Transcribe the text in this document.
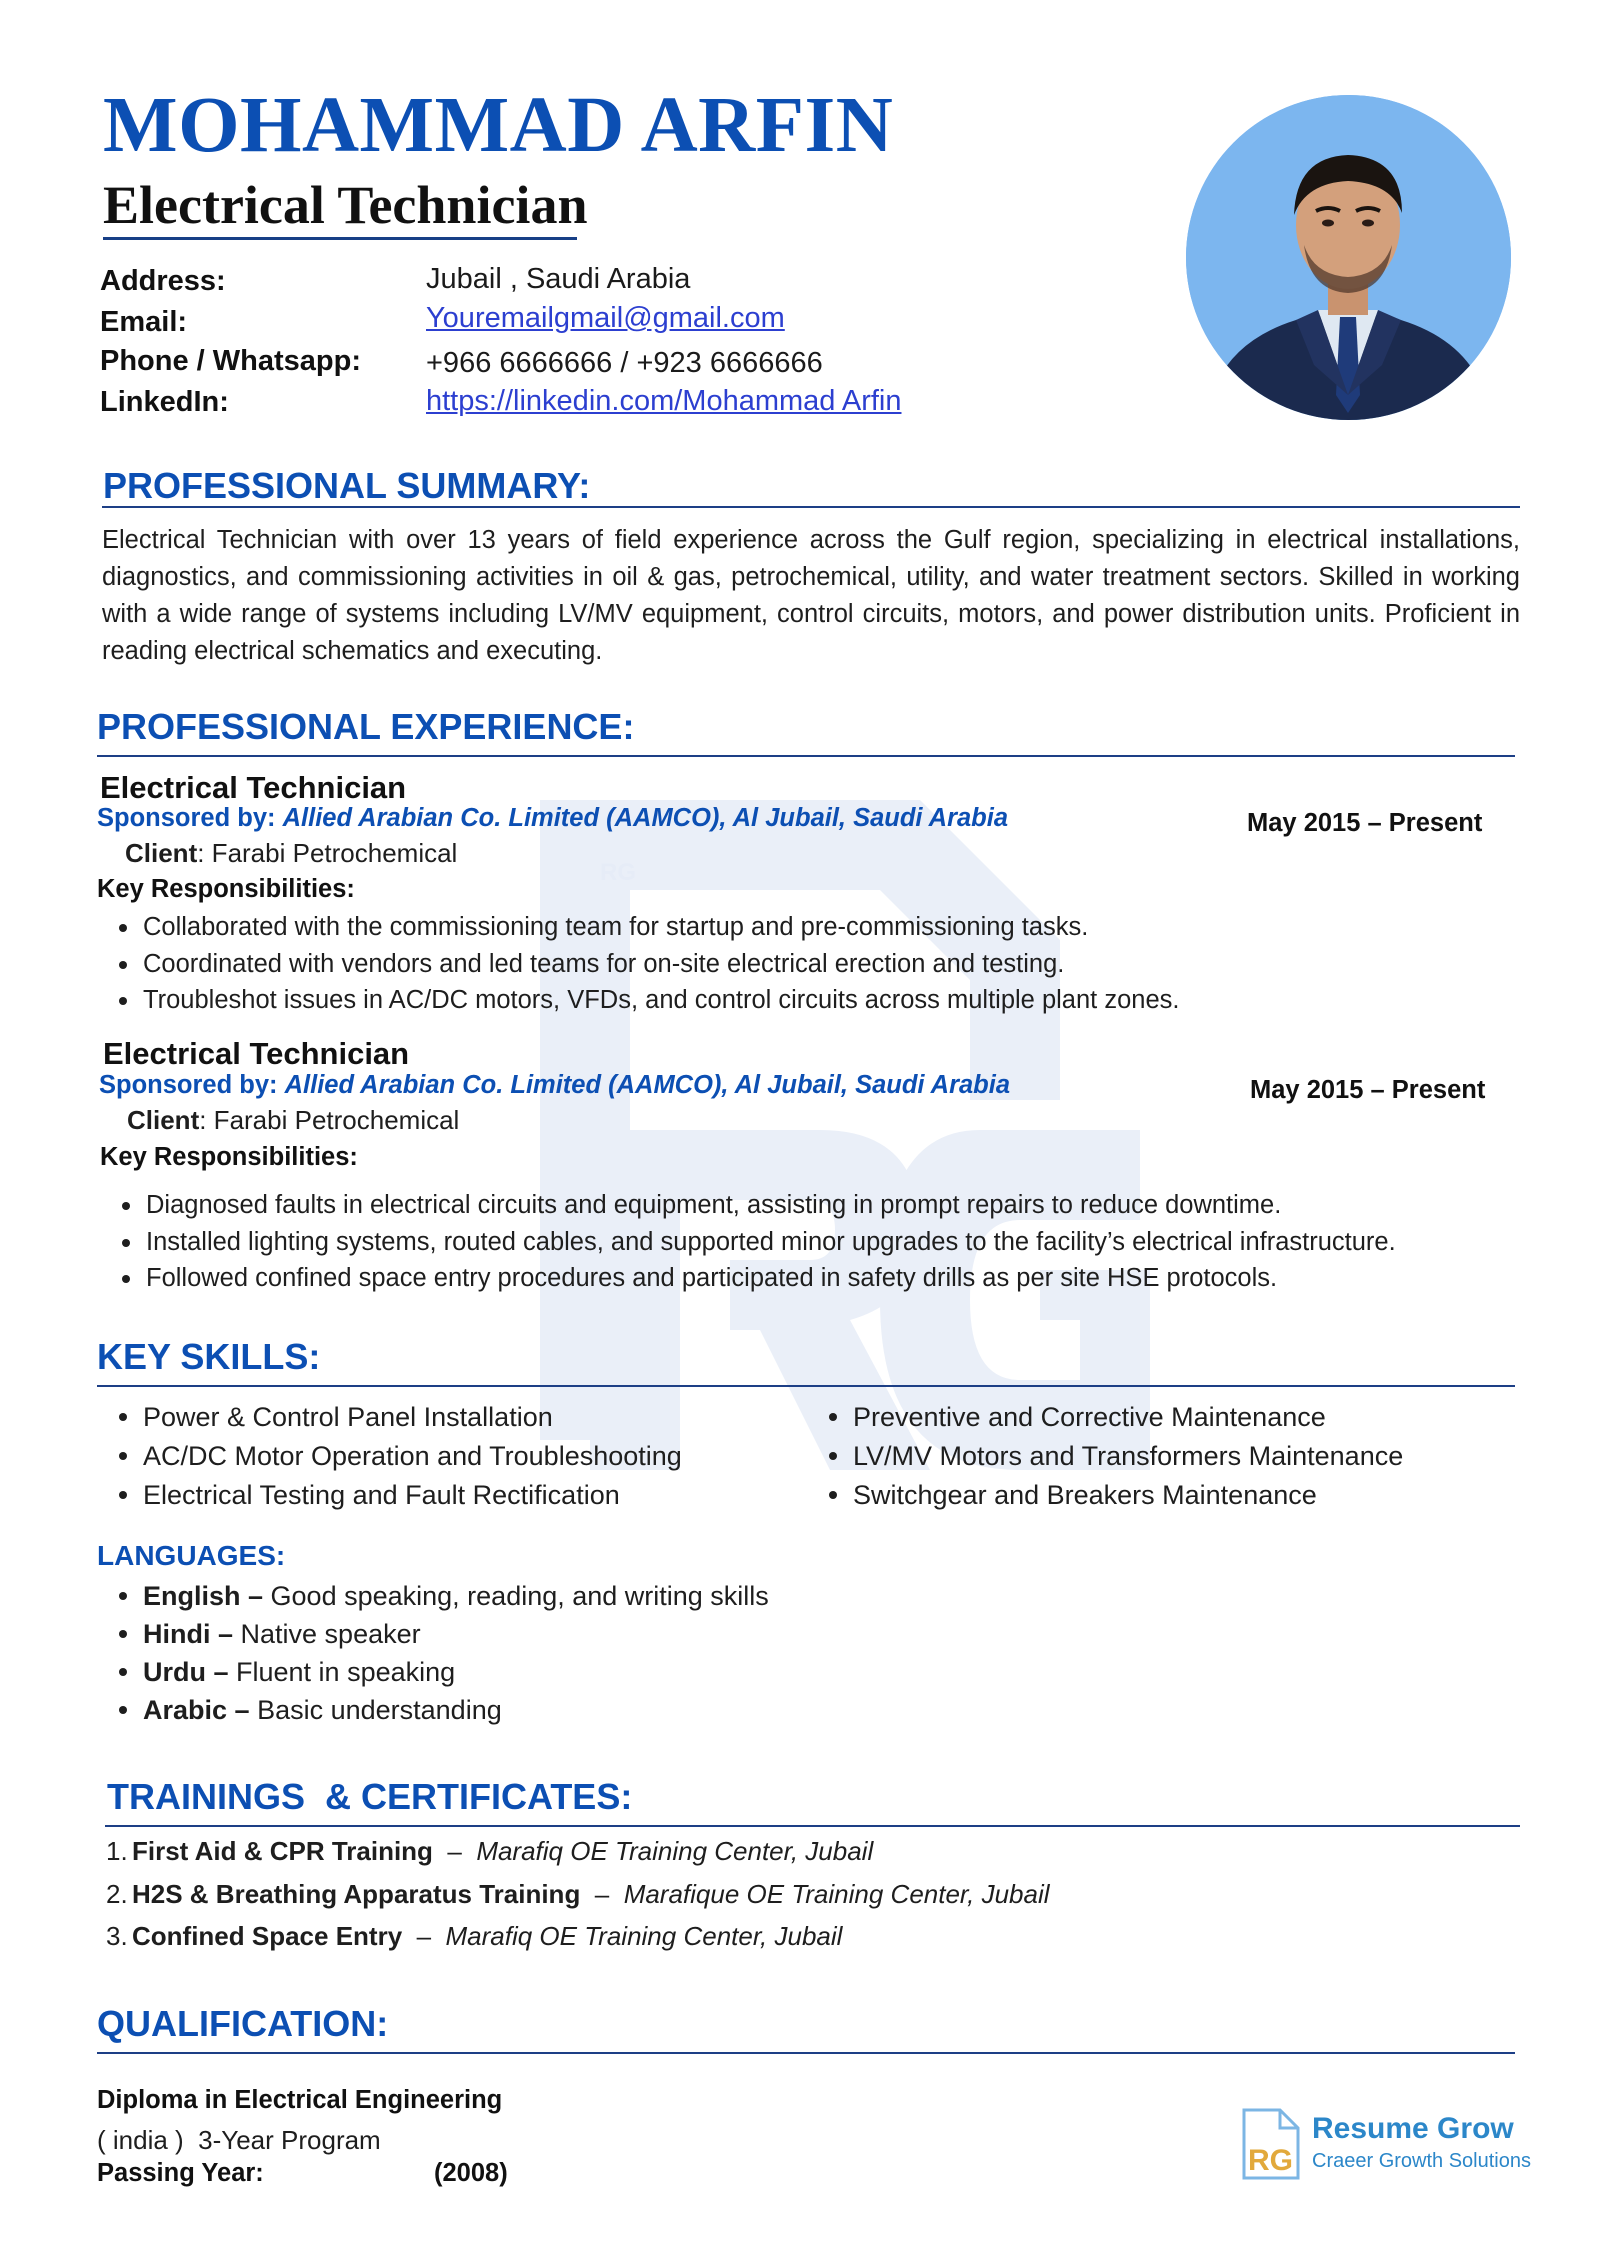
RG
MOHAMMAD ARFIN
Electrical Technician
Address:	Jubail , Saudi Arabia
Email:	Youremailgmail@gmail.com
Phone / Whatsapp: +966 6666666 / +923 6666666
LinkedIn:	https://linkedin.com/Mohammad Arfin
PROFESSIONAL SUMMARY:

Electrical Technician with over 13 years of field experience across the Gulf region, specializing in electrical installations, diagnostics, and commissioning activities in oil & gas, petrochemical, utility, and water treatment sectors. Skilled in working with a wide range of systems including LV/MV equipment, control circuits, motors, and power distribution units. Proficient in reading electrical schematics and executing.

PROFESSIONAL EXPERIENCE:
Electrical Technician
Sponsored by: Allied Arabian Co. Limited (AAMCO), Al Jubail, Saudi Arabia	May 2015 – Present
Client: Farabi Petrochemical
Key Responsibilities:
Collaborated with the commissioning team for startup and pre-commissioning tasks.
Coordinated with vendors and led teams for on-site electrical erection and testing.
Troubleshot issues in AC/DC motors, VFDs, and control circuits across multiple plant zones.
Electrical Technician
Sponsored by: Allied Arabian Co. Limited (AAMCO), Al Jubail, Saudi Arabia	May 2015 – Present
Client: Farabi Petrochemical
Key Responsibilities:
Diagnosed faults in electrical circuits and equipment, assisting in prompt repairs to reduce downtime.
Installed lighting systems, routed cables, and supported minor upgrades to the facility’s electrical infrastructure.
Followed confined space entry procedures and participated in safety drills as per site HSE protocols.
KEY SKILLS:
Power & Control Panel Installation
AC/DC Motor Operation and Troubleshooting
Electrical Testing and Fault Rectification
Preventive and Corrective Maintenance
LV/MV Motors and Transformers Maintenance
Switchgear and Breakers Maintenance
LANGUAGES:
English – Good speaking, reading, and writing skills
Hindi – Native speaker
Urdu – Fluent in speaking
Arabic – Basic understanding
TRAININGS  & CERTIFICATES:
1. First Aid & CPR Training  –  Marafiq OE Training Center, Jubail
2. H2S & Breathing Apparatus Training  –  Marafique OE Training Center, Jubail
3. Confined Space Entry  –  Marafiq OE Training Center, Jubail
QUALIFICATION:
Diploma in Electrical Engineering
( india )  3-Year Program
Passing Year:	(2008)	RG
Resume Grow
Craeer Growth Solutions
